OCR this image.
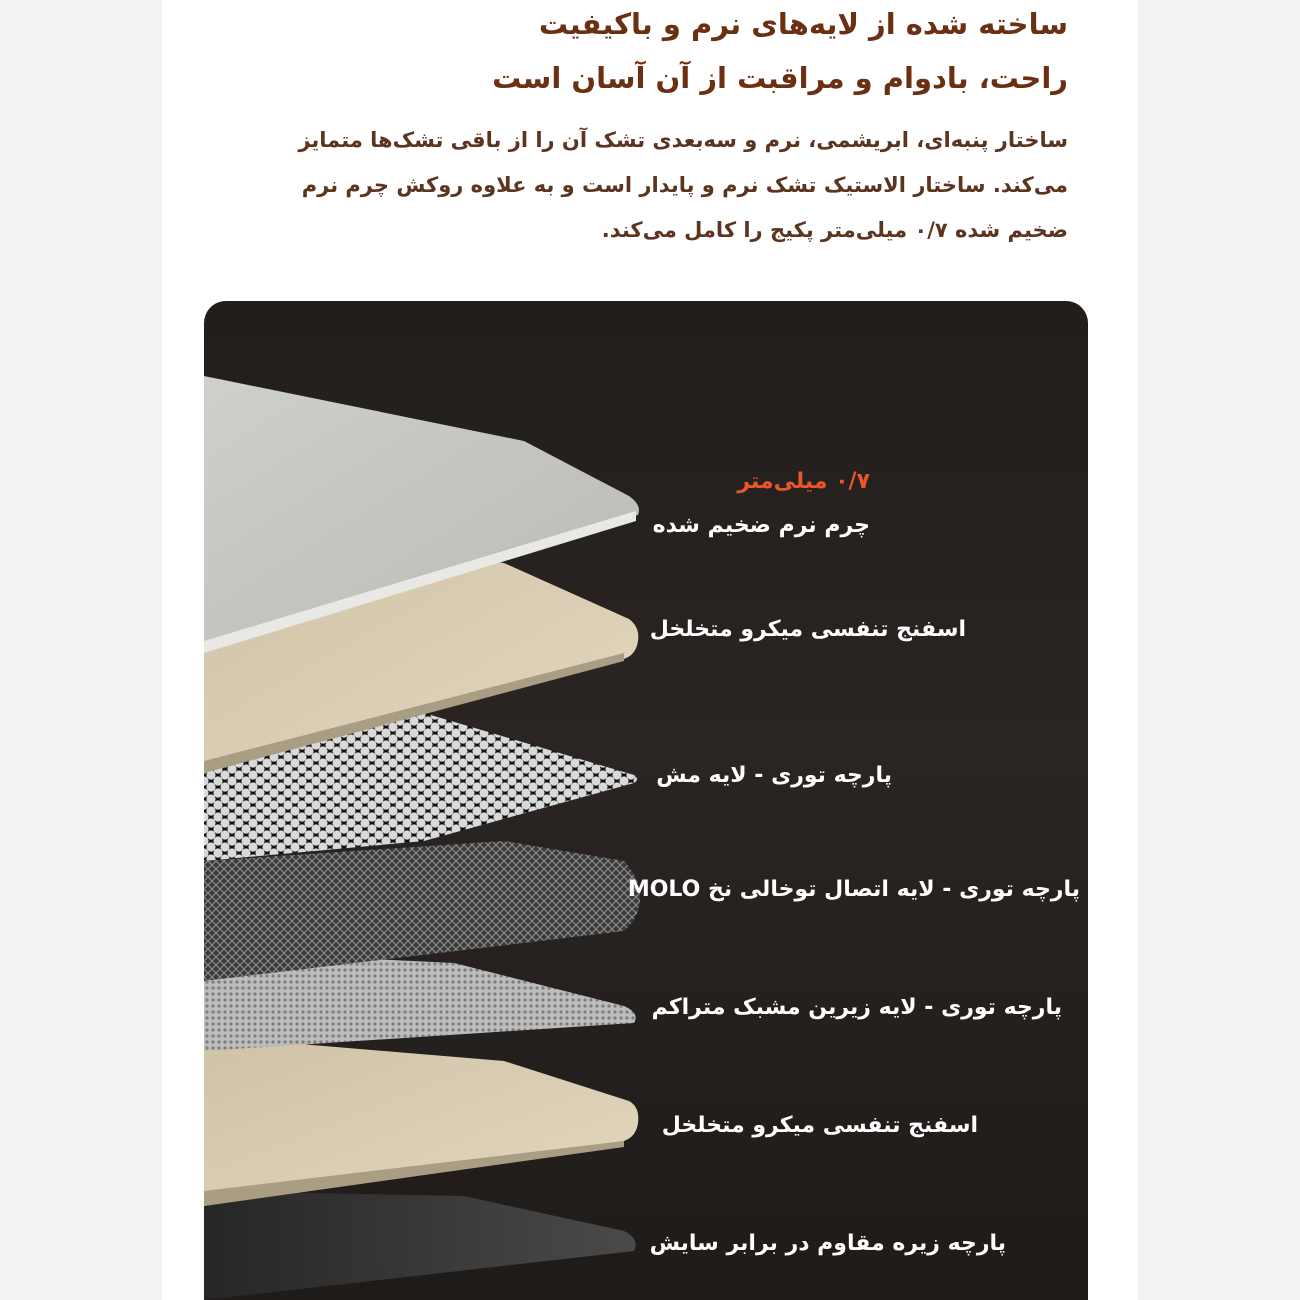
ساخته شده از لایه‌های نرم و باکیفیت
راحت، بادوام و مراقبت از آن آسان است
ساختار پنبه‌ای، ابریشمی، نرم و سه‌بعدی تشک آن را از باقی تشک‌ها متمایز
می‌کند. ساختار الاستیک تشک نرم و پایدار است و به علاوه روکش چرم نرم
ضخیم شده ۰/۷ میلی‌متر پکیج را کامل می‌کند.
۰/۷ میلی‌متر
چرم نرم ضخیم شده
اسفنج تنفسی میکرو متخلخل
پارچه توری - لایه مش
پارچه توری - لایه اتصال توخالی نخ MOLO
پارچه توری - لایه زیرین مشبک متراکم
اسفنج تنفسی میکرو متخلخل
پارچه زیره مقاوم در برابر سایش
